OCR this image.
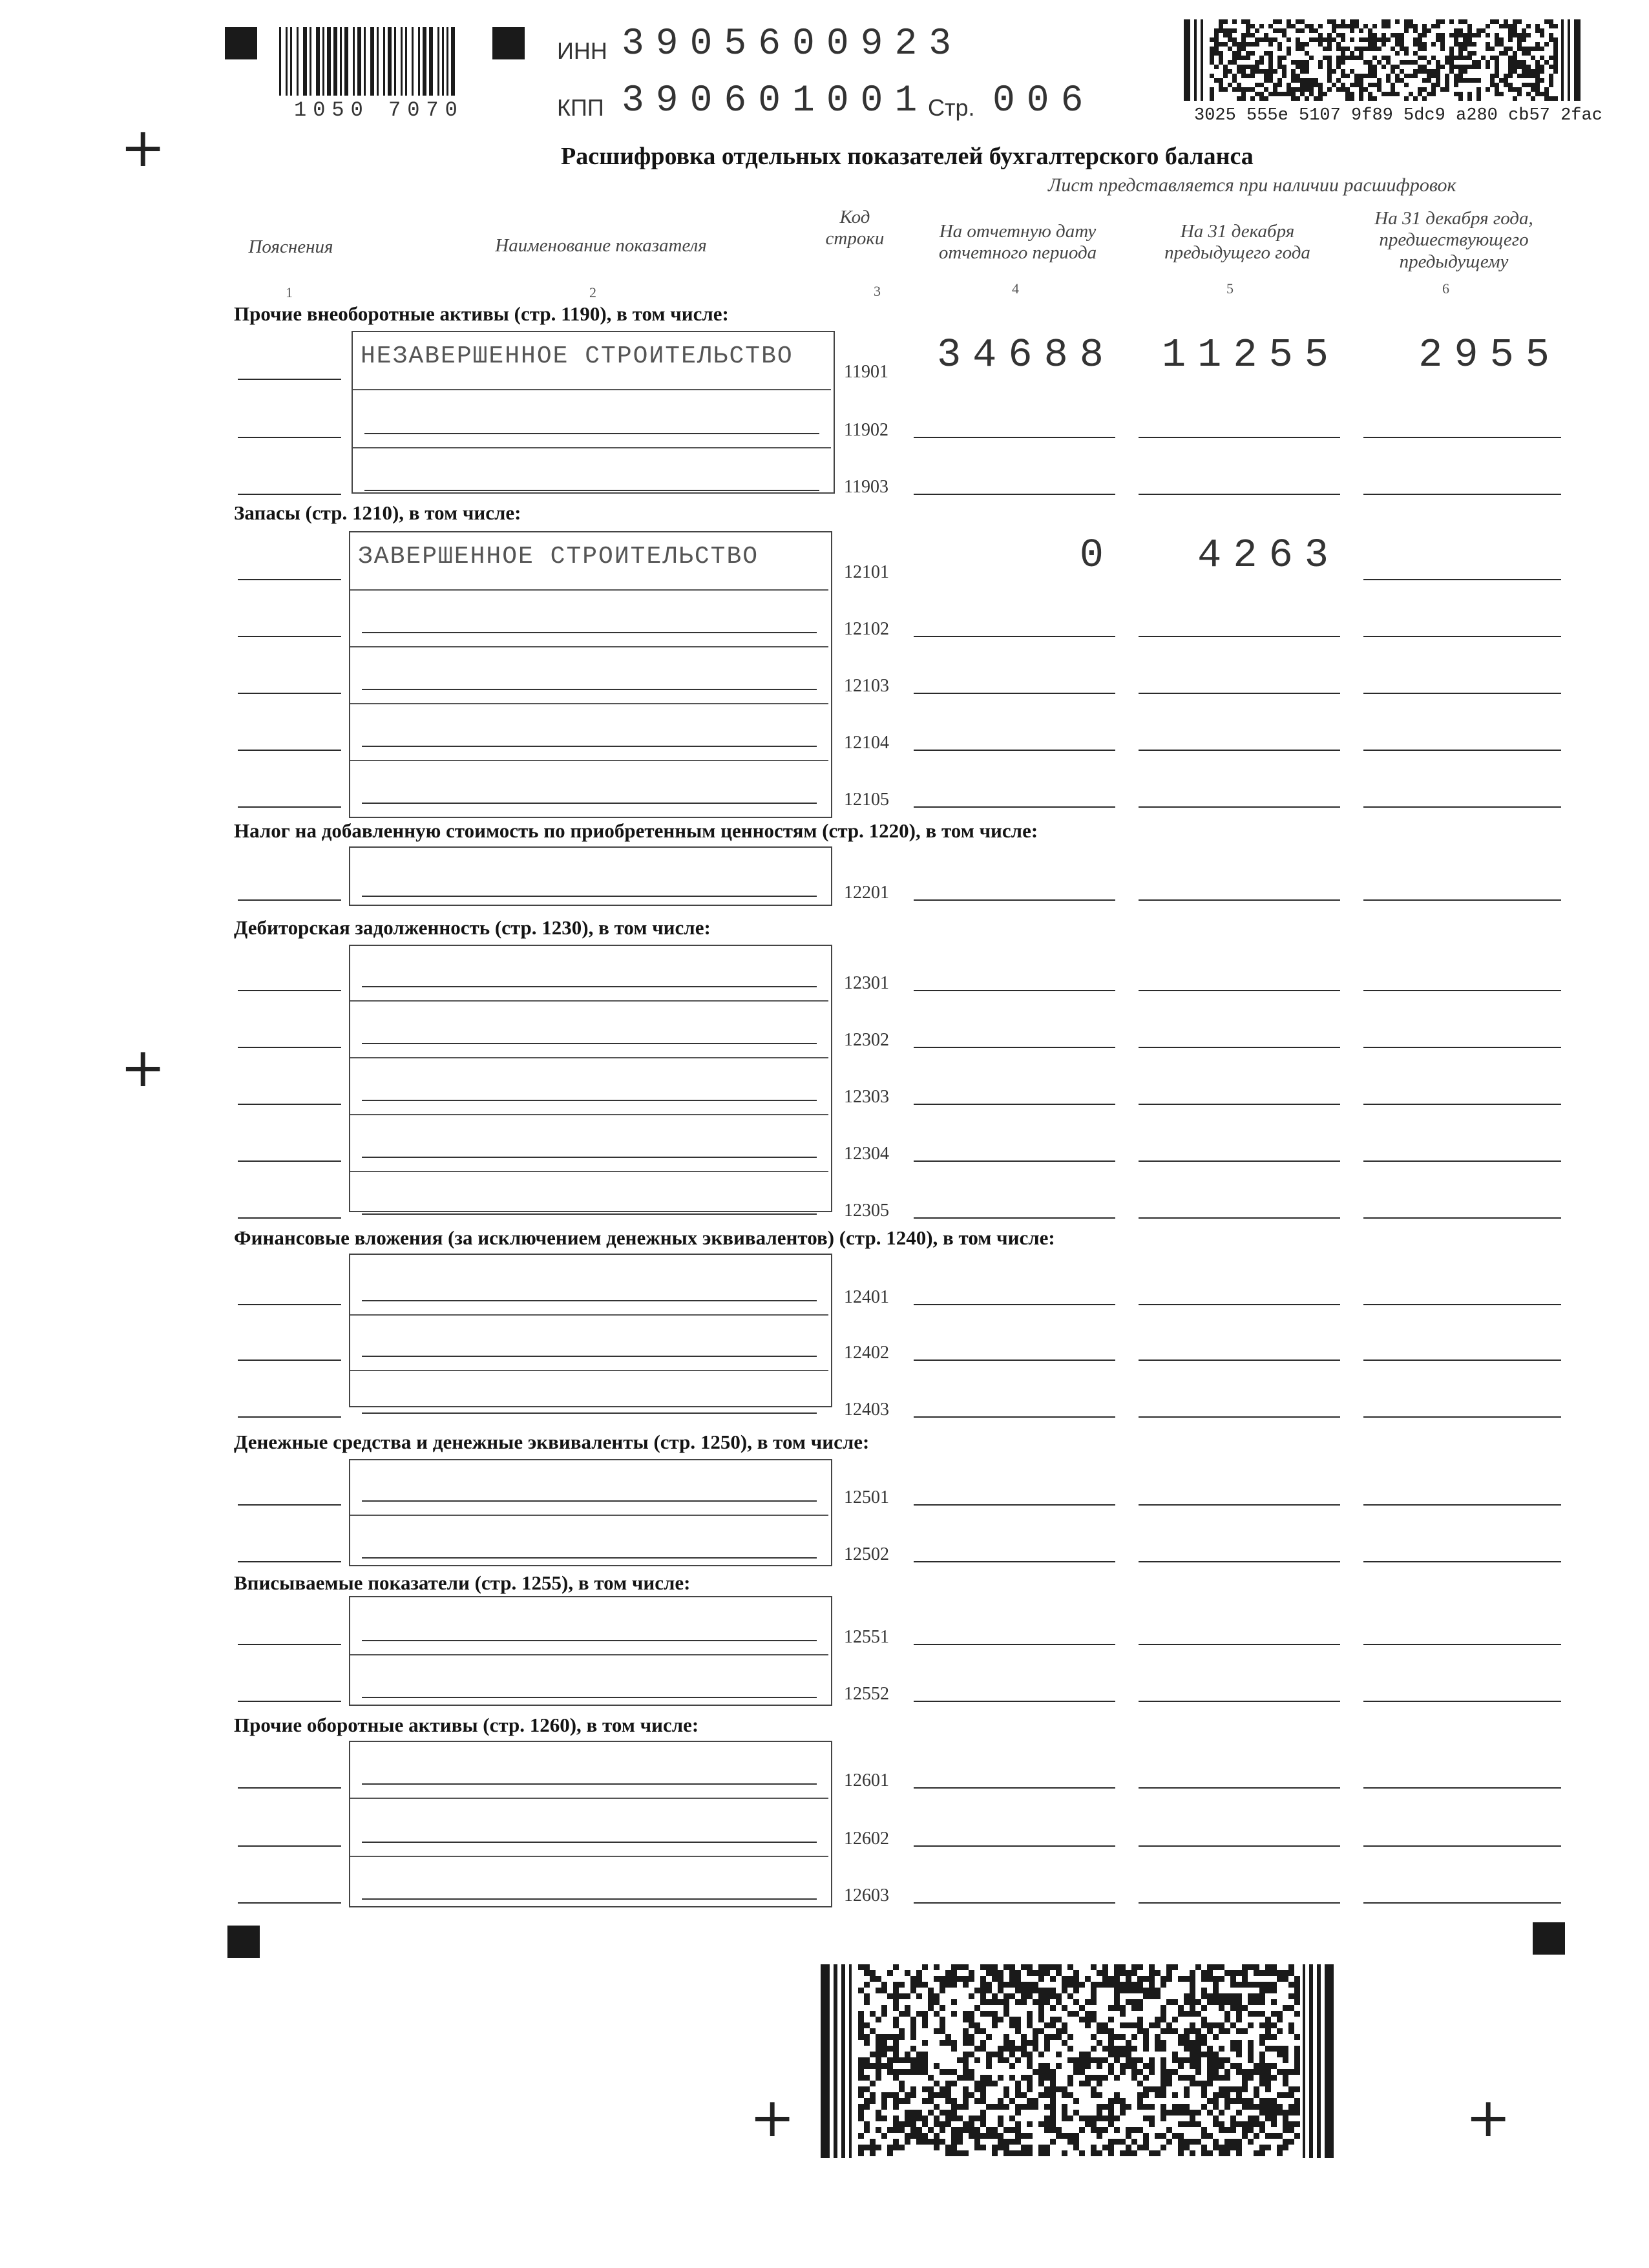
+
+
+	+
1050 7070
ИНН 3905600923
КПП 390601001
Стр. 006	3025 555e 5107 9f89 5dc9 a280 cb57 2fac
Расшифровка отдельных показателей бухгалтерского баланса
Лист представляется при наличии расшифровок
Пояснения	Наименование показателя
Код строки	На отчетную дату отчетного периода
На 31 декабря предыдущего года
На 31 декабря года, предшествующего предыдущему
1	2	3	4	5	6
Прочие внеоборотные активы (стр. 1190), в том числе:
НЕЗАВЕРШЕННОЕ СТРОИТЕЛЬСТВО
11901	34688	11255	2955
11902
11903
Запасы (стр. 1210), в том числе:
ЗАВЕРШЕННОЕ СТРОИТЕЛЬСТВО
12101	0	4263
12102
12103
12104
12105
Налог на добавленную стоимость по приобретенным ценностям (стр. 1220), в том числе:
12201
Дебиторская задолженность (стр. 1230), в том числе:
12301
12302
12303
12304
12305
Финансовые вложения (за исключением денежных эквивалентов) (стр. 1240), в том числе:
12401
12402
12403
Денежные средства и денежные эквиваленты (стр. 1250), в том числе:
12501
12502
Вписываемые показатели (стр. 1255), в том числе:
12551
12552
Прочие оборотные активы (стр. 1260), в том числе:
12601
12602
12603
